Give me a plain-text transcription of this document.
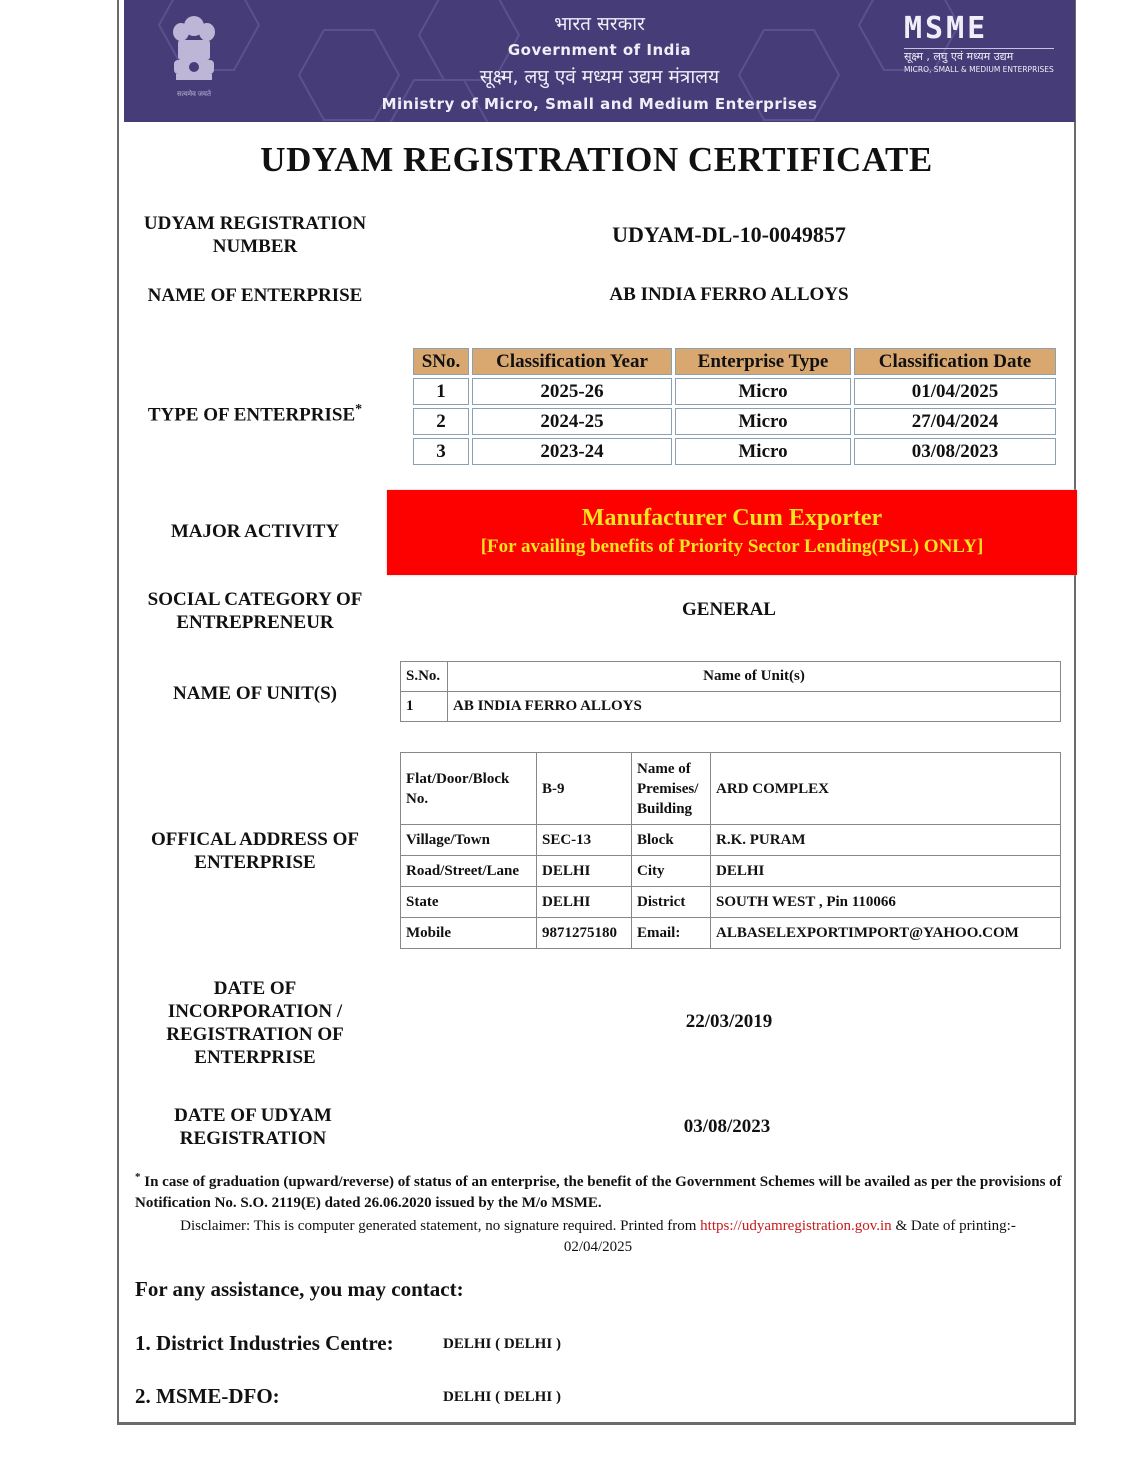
सत्यमेव जयते
भारत सरकार
Government of India
सूक्ष्म, लघु एवं मध्यम उद्यम मंत्रालय
Ministry of Micro, Small and Medium Enterprises
MSME
सूक्ष्म , लघु एवं मध्यम उद्यम
MICRO, SMALL & MEDIUM ENTERPRISES
UDYAM REGISTRATION CERTIFICATE
UDYAM REGISTRATION NUMBER	UDYAM-DL-10-0049857
NAME OF ENTERPRISE	AB INDIA FERRO ALLOYS
TYPE OF ENTERPRISE*
SNo.	Classification Year	Enterprise Type	Classification Date
1	2025-26	Micro	01/04/2025
2	2024-25	Micro	27/04/2024
3	2023-24	Micro	03/08/2023
MAJOR ACTIVITY
Manufacturer Cum Exporter
[For availing benefits of Priority Sector Lending(PSL) ONLY]
SOCIAL CATEGORY OF ENTREPRENEUR
GENERAL
NAME OF UNIT(S)
S.No.	Name of Unit(s)
1	AB INDIA FERRO ALLOYS
OFFICAL ADDRESS OF ENTERPRISE
Flat/Door/Block No.	B-9	Name of Premises/ Building	ARD COMPLEX
Village/Town	SEC-13	Block	R.K. PURAM
Road/Street/Lane	DELHI	City	DELHI
State	DELHI	District	SOUTH WEST , Pin 110066
Mobile	9871275180	Email:	ALBASELEXPORTIMPORT@YAHOO.COM
DATE OF INCORPORATION / REGISTRATION OF ENTERPRISE
22/03/2019
DATE OF UDYAM REGISTRATION
03/08/2023
* In case of graduation (upward/reverse) of status of an enterprise, the benefit of the Government Schemes will be availed as per the provisions of Notification No. S.O. 2119(E) dated 26.06.2020 issued by the M/o MSME.
Disclaimer: This is computer generated statement, no signature required. Printed from https://udyamregistration.gov.in & Date of printing:-
02/04/2025
For any assistance, you may contact:
1. District Industries Centre:	DELHI ( DELHI )
2. MSME-DFO:	DELHI ( DELHI )
